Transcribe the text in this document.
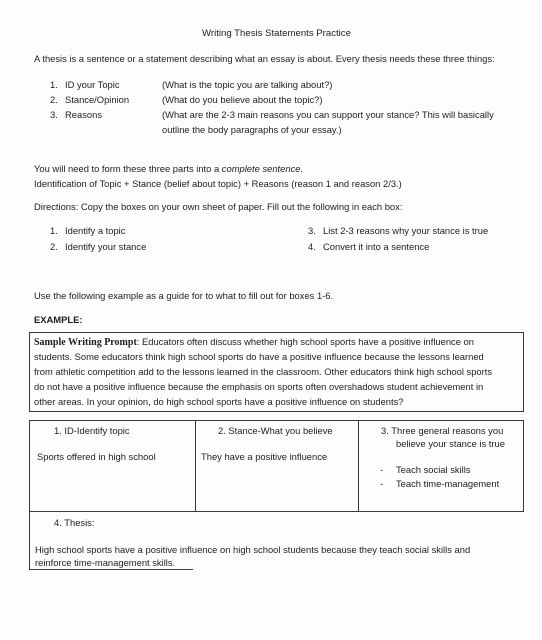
Writing Thesis Statements Practice
A thesis is a sentence or a statement describing what an essay is about. Every thesis needs these three things:
1. ID your Topic	(What is the topic you are talking about?)
2. Stance/Opinion	(What do you believe about the topic?)
3. Reasons	(What are the 2-3 main reasons you can support your stance? This will basically
outline the body paragraphs of your essay.)
You will need to form these three parts into a complete sentence.
Identification of Topic + Stance (belief about topic) + Reasons (reason 1 and reason 2/3.)
Directions: Copy the boxes on your own sheet of paper. Fill out the following in each box:
1. Identify a topic
2. Identify your stance
3. List 2-3 reasons why your stance is true
4. Convert it into a sentence
Use the following example as a guide for to what to fill out for boxes 1-6.
EXAMPLE:
Sample Writing Prompt: Educators often discuss whether high school sports have a positive influence on
students. Some educators think high school sports do have a positive influence because the lessons learned
from athletic competition add to the lessons learned in the classroom. Other educators think high school sports
do not have a positive influence because the emphasis on sports often overshadows student achievement in
other areas. In your opinion, do high school sports have a positive influence on students?
1. ID-Identify topic
Sports offered in high school
2. Stance-What you believe
They have a positive influence
3. Three general reasons you
believe your stance is true
- Teach social skills
- Teach time-management
4. Thesis:
High school sports have a positive influence on high school students because they teach social skills and
reinforce time-management skills.
